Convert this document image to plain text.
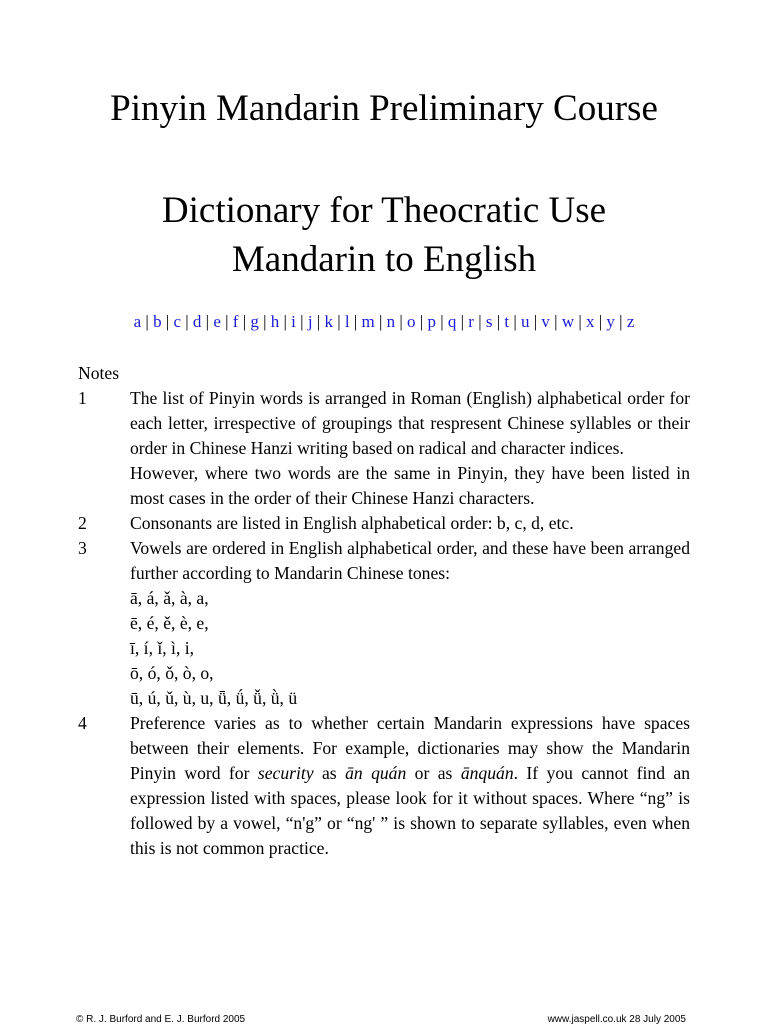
Pinyin Mandarin Preliminary Course
Dictionary for Theocratic Use
Mandarin to English
a | b | c | d | e | f | g | h | i | j | k | l | m | n | o | p | q | r | s | t | u | v | w | x | y | z
Notes
1	The list of Pinyin words is arranged in Roman (English) alphabetical order for each letter, irrespective of groupings that respresent Chinese syllables or their order in Chinese Hanzi writing based on radical and character indices.

However, where two words are the same in Pinyin, they have been listed in most cases in the order of their Chinese Hanzi characters.

2	Consonants are listed in English alphabetical order: b, c, d, etc.

3	Vowels are ordered in English alphabetical order, and these have been arranged further according to Mandarin Chinese tones:

ā, á, ǎ, à, a,
ē, é, ě, è, e,
ī, í, ǐ, ì, i,
ō, ó, ǒ, ò, o,
ū, ú, ǔ, ù, u, ǖ, ǘ, ǚ, ǜ, ü
4	Preference varies as to whether certain Mandarin expressions have spaces between their elements. For example, dictionaries may show the Mandarin Pinyin word for security as ān quán or as ānquán. If you cannot find an expression listed with spaces, please look for it without spaces. Where “ng” is followed by a vowel, “n'g” or “ng' ” is shown to separate syllables, even when this is not common practice.

© R. J. Burford and E. J. Burford 2005	www.jaspell.co.uk 28 July 2005
